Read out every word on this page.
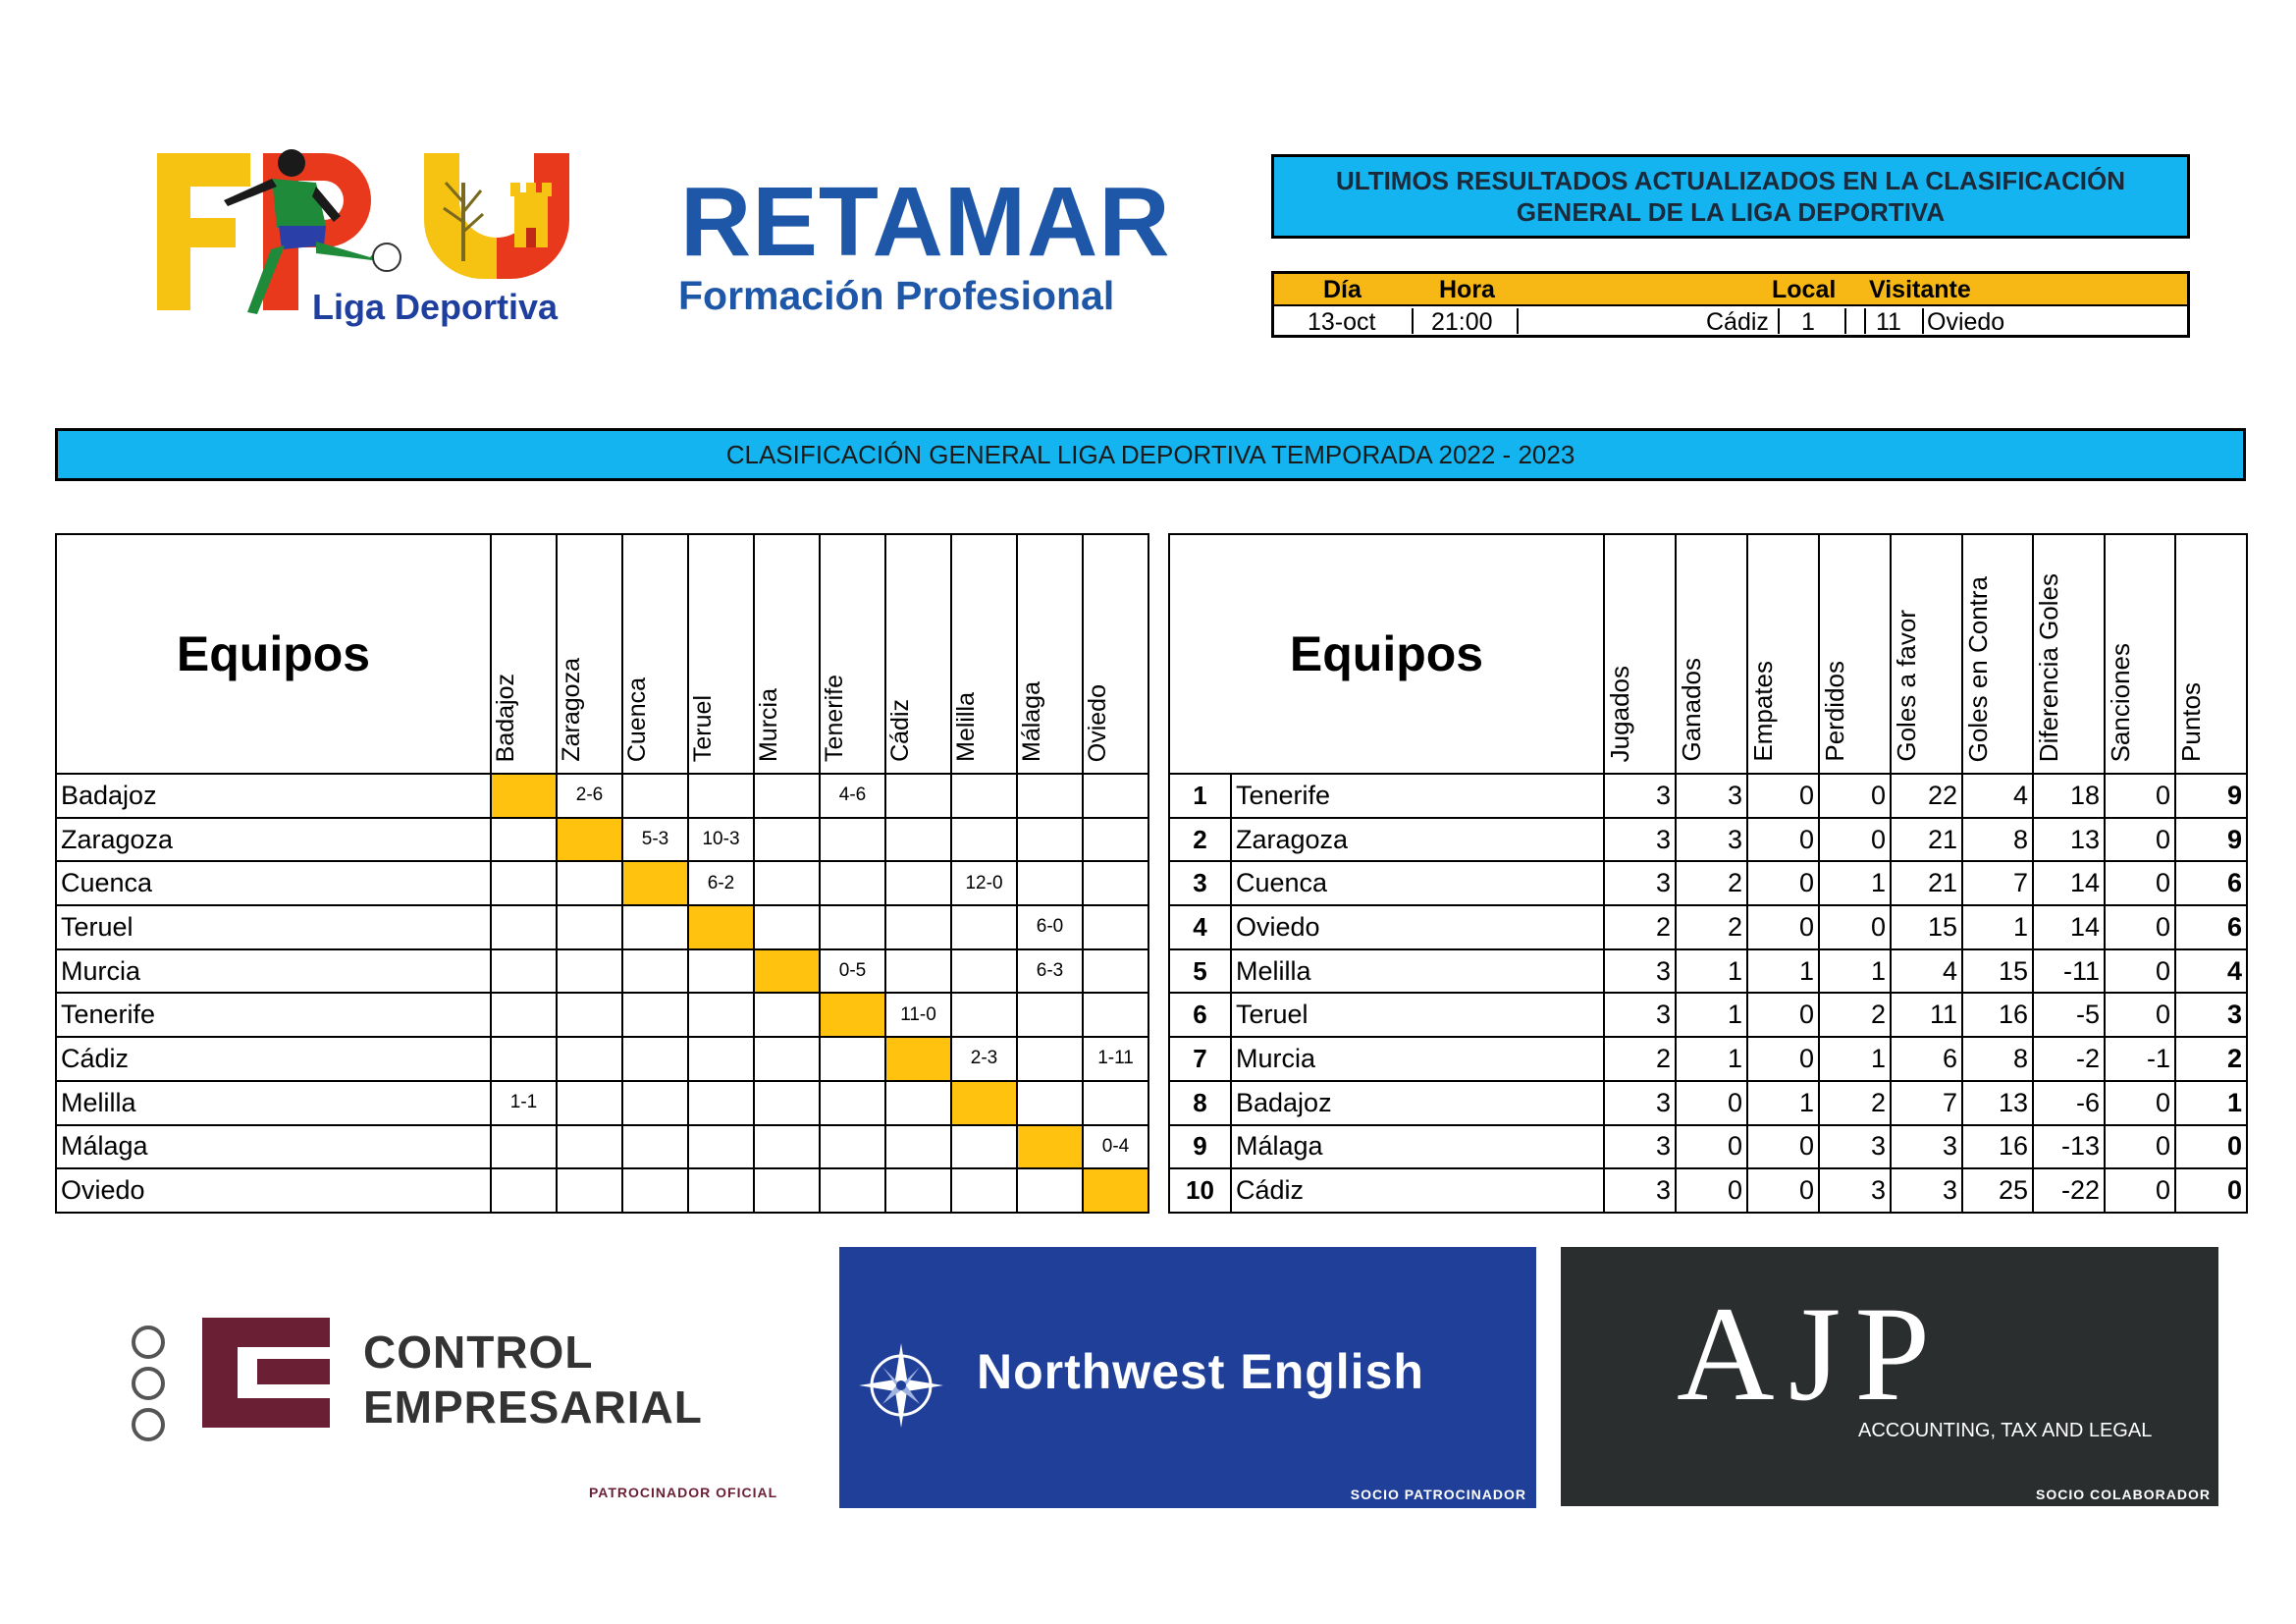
Liga Deportiva
RETAMAR
Formación Profesional
ULTIMOS RESULTADOS ACTUALIZADOS EN LA CLASIFICACIÓN
GENERAL DE LA LIGA DEPORTIVA
Día	Hora	Local Visitante
13-oct 21:00	Cádiz 1 11 Oviedo
CLASIFICACIÓN GENERAL LIGA DEPORTIVA TEMPORADA 2022 - 2023
Equipos	Badajoz	Zaragoza	Cuenca	Teruel	Murcia	Tenerife	Cádiz	Melilla	Málaga	Oviedo
Badajoz		2-6				4-6				
Zaragoza			5-3	10-3						
Cuenca				6-2				12-0		
Teruel									6-0	
Murcia						0-5			6-3	
Tenerife							11-0			
Cádiz								2-3		1-11
Melilla	1-1									
Málaga										0-4
Oviedo										
Equipos		Jugados	Ganados	Empates	Perdidos	Goles a favor	Goles en Contra	Diferencia Goles	Sanciones	Puntos
1	Tenerife	3	3	0	0	22	4	18	0	9
2	Zaragoza	3	3	0	0	21	8	13	0	9
3	Cuenca	3	2	0	1	21	7	14	0	6
4	Oviedo	2	2	0	0	15	1	14	0	6
5	Melilla	3	1	1	1	4	15	-11	0	4
6	Teruel	3	1	0	2	11	16	-5	0	3
7	Murcia	2	1	0	1	6	8	-2	-1	2
8	Badajoz	3	0	1	2	7	13	-6	0	1
9	Málaga	3	0	0	3	3	16	-13	0	0
10	Cádiz	3	0	0	3	3	25	-22	0	0
CONTROL
EMPRESARIAL
PATROCINADOR OFICIAL
Northwest English
SOCIO PATROCINADOR
AJP
ACCOUNTING, TAX AND LEGAL
SOCIO COLABORADOR
